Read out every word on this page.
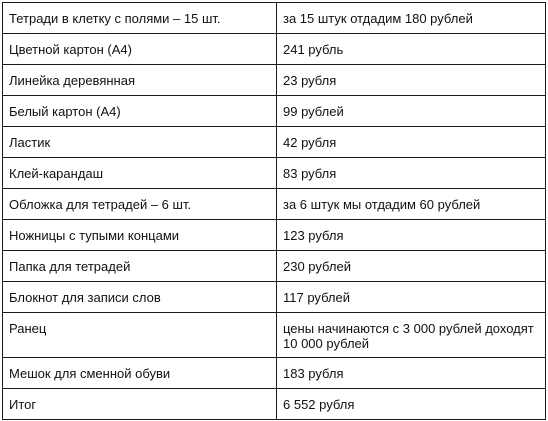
Тетради в клетку с полями – 15 шт.	за 15 штук отдадим 180 рублей
Цветной картон (А4)	241 рубль
Линейка деревянная	23 рубля
Белый картон (А4)	99 рублей
Ластик	42 рубля
Клей-карандаш	83 рубля
Обложка для тетрадей – 6 шт.	за 6 штук мы отдадим 60 рублей
Ножницы с тупыми концами	123 рубля
Папка для тетрадей	230 рублей
Блокнот для записи слов	117 рублей
Ранец	цены начинаются с 3 000 рублей доходят 10 000 рублей
Мешок для сменной обуви	183 рубля
Итог	6 552 рубля
